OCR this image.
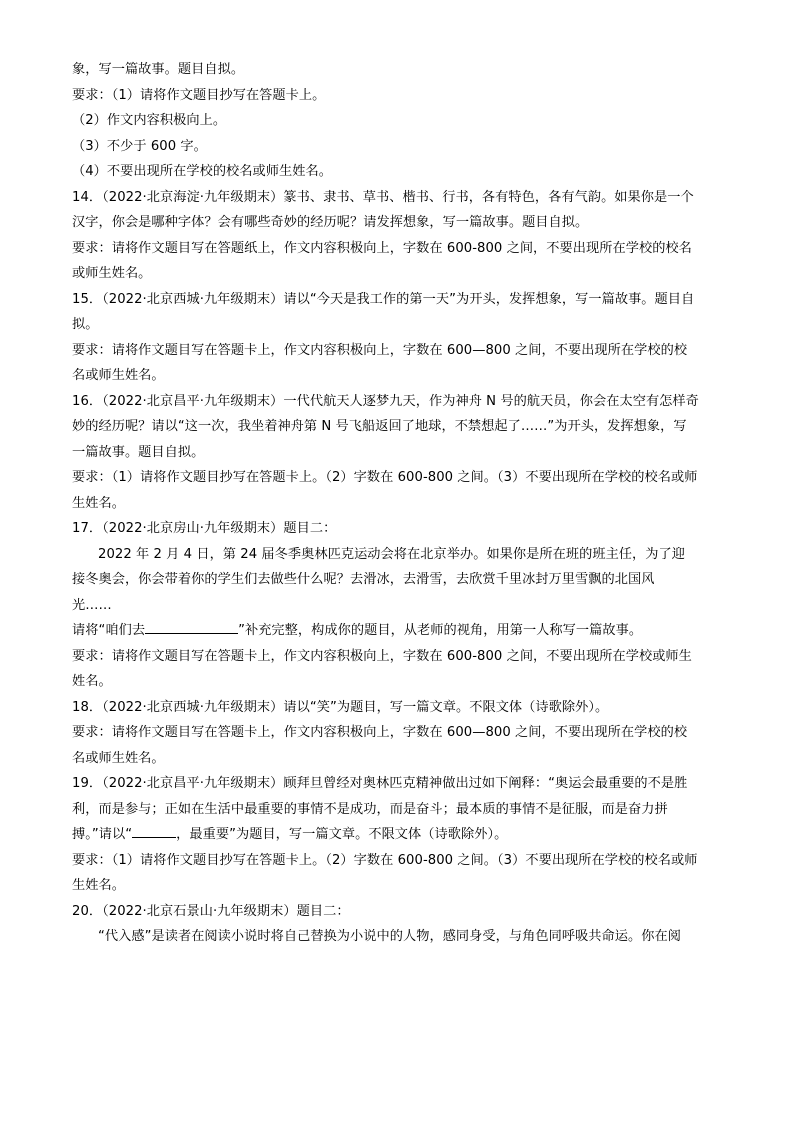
象，写一篇故事。题目自拟。
要求：（1）请将作文题目抄写在答题卡上。
（2）作文内容积极向上。
（3）不少于 600 字。
（4）不要出现所在学校的校名或师生姓名。
14．（2022·北京海淀·九年级期末）篆书、隶书、草书、楷书、行书，各有特色，各有气韵。如果你是一个
汉字，你会是哪种字体？会有哪些奇妙的经历呢？请发挥想象，写一篇故事。题目自拟。
要求：请将作文题目写在答题纸上，作文内容积极向上，字数在 600-800 之间，不要出现所在学校的校名
或师生姓名。
15．（2022·北京西城·九年级期末）请以“今天是我工作的第一天”为开头，发挥想象，写一篇故事。题目自
拟。
要求：请将作文题目写在答题卡上，作文内容积极向上，字数在 600—800 之间，不要出现所在学校的校
名或师生姓名。
16．（2022·北京昌平·九年级期末）一代代航天人逐梦九天，作为神舟 N 号的航天员，你会在太空有怎样奇
妙的经历呢？请以“这一次，我坐着神舟第 N 号飞船返回了地球，不禁想起了……”为开头，发挥想象，写
一篇故事。题目自拟。
要求：（1）请将作文题目抄写在答题卡上。（2）字数在 600-800 之间。（3）不要出现所在学校的校名或师
生姓名。
17．（2022·北京房山·九年级期末）题目二：
2022 年 2 月 4 日，第 24 届冬季奥林匹克运动会将在北京举办。如果你是所在班的班主任，为了迎
接冬奥会，你会带着你的学生们去做些什么呢？去滑冰，去滑雪，去欣赏千里冰封万里雪飘的北国风
光……
请将“咱们去	”补充完整，构成你的题目，从老师的视角，用第一人称写一篇故事。
要求：请将作文题目写在答题卡上，作文内容积极向上，字数在 600-800 之间，不要出现所在学校或师生
姓名。
18．（2022·北京西城·九年级期末）请以“笑”为题目，写一篇文章。不限文体（诗歌除外）。
要求：请将作文题目写在答题卡上，作文内容积极向上，字数在 600—800 之间，不要出现所在学校的校
名或师生姓名。
19．（2022·北京昌平·九年级期末）顾拜旦曾经对奥林匹克精神做出过如下阐释：“奥运会最重要的不是胜
利，而是参与；正如在生活中最重要的事情不是成功，而是奋斗；最本质的事情不是征服，而是奋力拼
搏。”请以“	，最重要”为题目，写一篇文章。不限文体（诗歌除外）。
要求：（1）请将作文题目抄写在答题卡上。（2）字数在 600-800 之间。（3）不要出现所在学校的校名或师
生姓名。
20．（2022·北京石景山·九年级期末）题目二：
“代入感”是读者在阅读小说时将自己替换为小说中的人物，感同身受，与角色同呼吸共命运。你在阅
